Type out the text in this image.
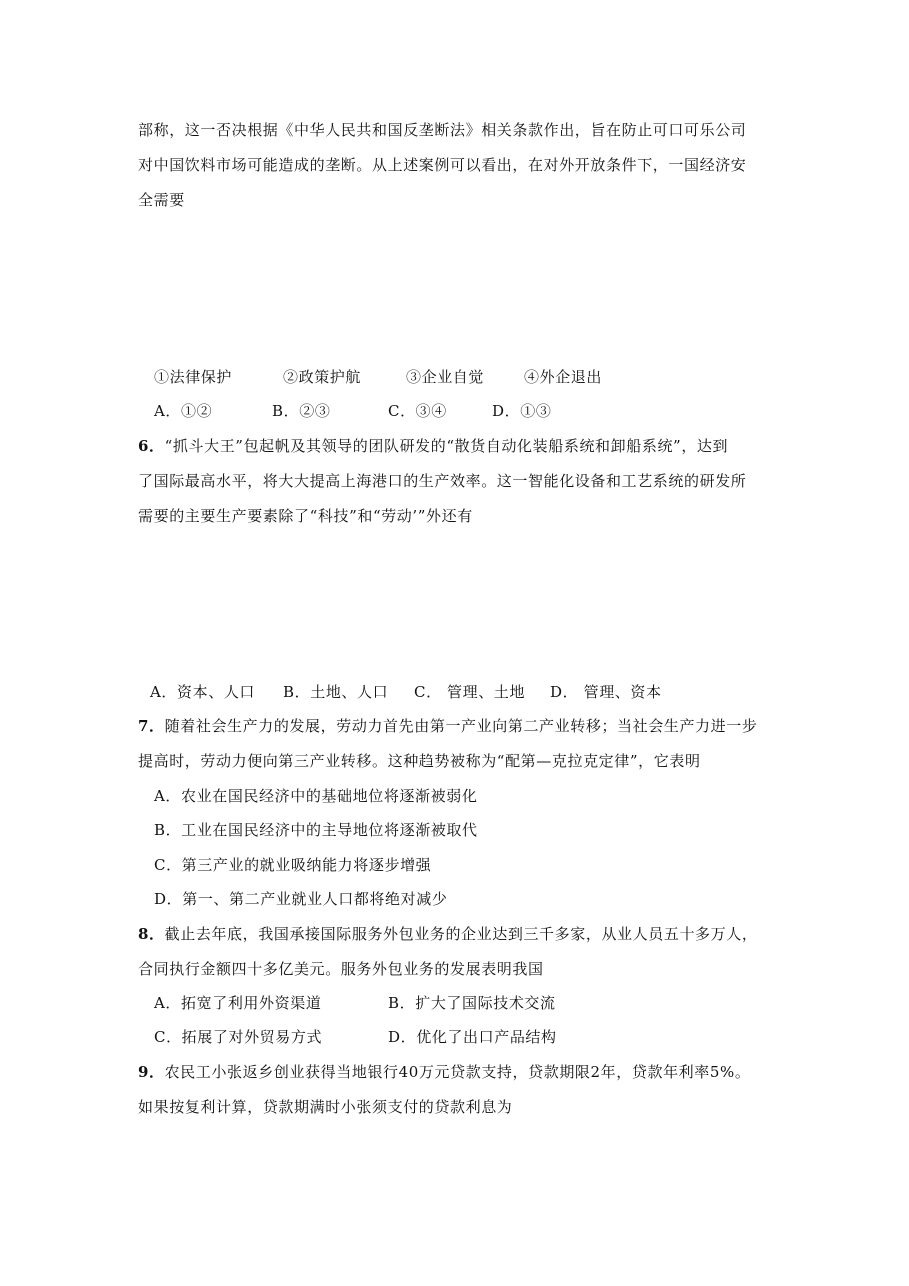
部称，这一否决根据《中华人民共和国反垄断法》相关条款作出，旨在防止可口可乐公司
对中国饮料市场可能造成的垄断。从上述案例可以看出，在对外开放条件下，一国经济安
全需要
①法律保护	②政策护航	③企业自觉	④外企退出
A．①②	B．②③	C．③④	D．①③
6．“抓斗大王”包起帆及其领导的团队研发的“散货自动化装船系统和卸船系统”，达到
了国际最高水平，将大大提高上海港口的生产效率。这一智能化设备和工艺系统的研发所
需要的主要生产要素除了“科技”和“劳动’”外还有
A．资本、人口 B．土地、人口 C． 管理、土地 D． 管理、资本
7．随着社会生产力的发展，劳动力首先由第一产业向第二产业转移；当社会生产力进一步
提高时，劳动力便向第三产业转移。这种趋势被称为“配第—克拉克定律”，它表明
A．农业在国民经济中的基础地位将逐渐被弱化
B．工业在国民经济中的主导地位将逐渐被取代
C．第三产业的就业吸纳能力将逐步增强
D．第一、第二产业就业人口都将绝对减少
8．截止去年底，我国承接国际服务外包业务的企业达到三千多家，从业人员五十多万人，
合同执行金额四十多亿美元。服务外包业务的发展表明我国
A．拓宽了利用外资渠道	B．扩大了国际技术交流
C．拓展了对外贸易方式	D．优化了出口产品结构
9．农民工小张返乡创业获得当地银行40万元贷款支持，贷款期限2年，贷款年利率5%。
如果按复利计算，贷款期满时小张须支付的贷款利息为
